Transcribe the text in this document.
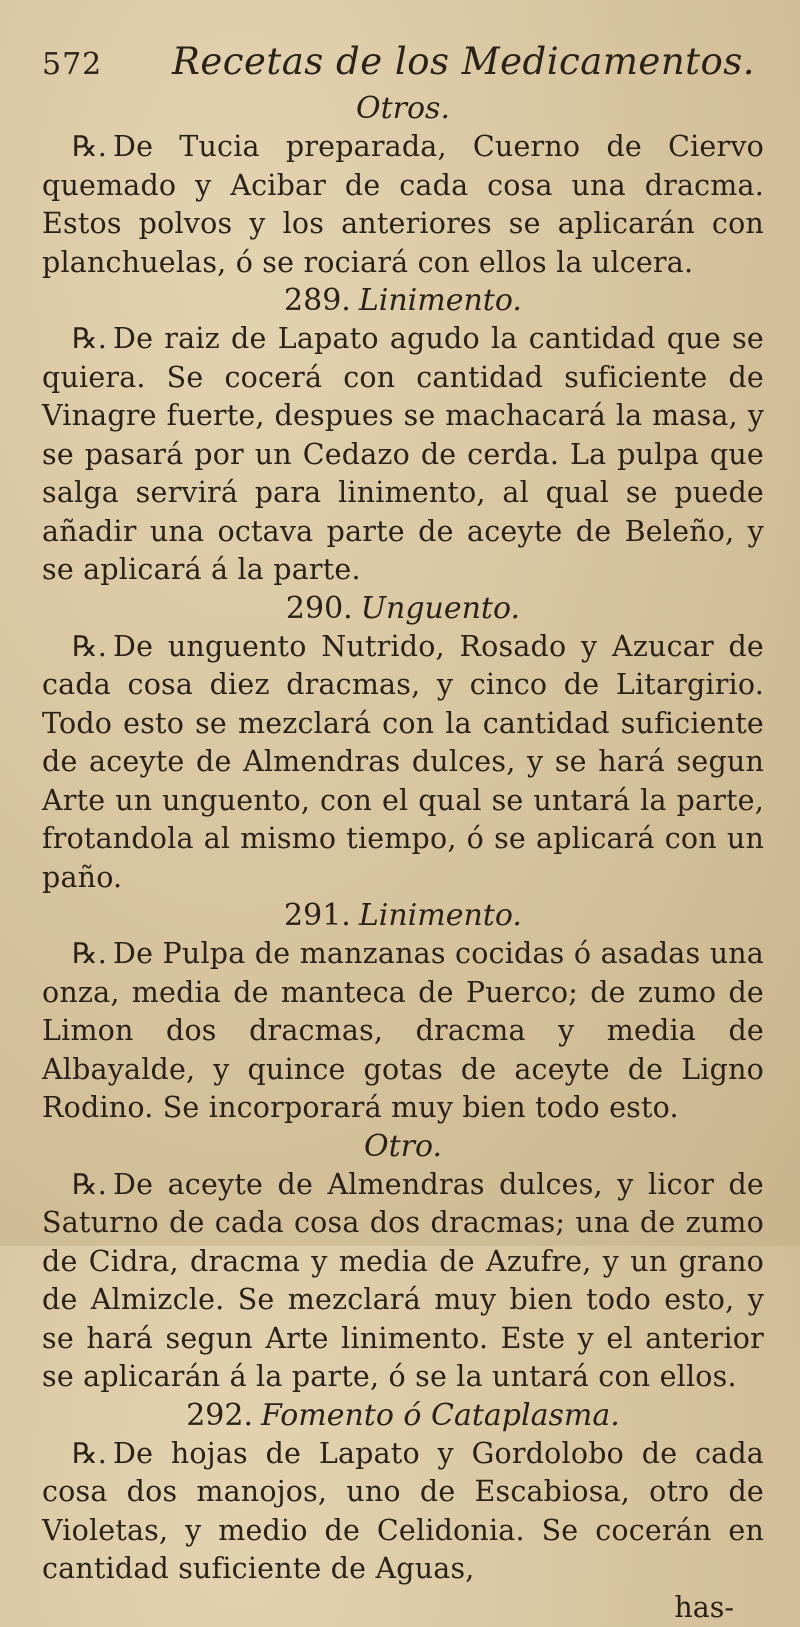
572	Recetas de los Medicamentos.

Otros.

℞. De Tucia preparada, Cuerno de Ciervo quemado y Acibar de cada cosa una dracma. Estos polvos y los anteriores se aplicarán con planchuelas, ó se rociará con ellos la ulcera.

289. Linimento.

℞. De raiz de Lapato agudo la cantidad que se quiera. Se cocerá con cantidad suficiente de Vinagre fuerte, despues se machacará la masa, y se pasará por un Cedazo de cerda. La pulpa que salga servirá para linimento, al qual se puede añadir una octava parte de aceyte de Beleño, y se aplicará á la parte.

290. Unguento.

℞. De unguento Nutrido, Rosado y Azucar de cada cosa diez dracmas, y cinco de Litargirio. Todo esto se mezclará con la cantidad suficiente de aceyte de Almendras dulces, y se hará segun Arte un unguento, con el qual se untará la parte, frotandola al mismo tiempo, ó se aplicará con un paño.

291. Linimento.

℞. De Pulpa de manzanas cocidas ó asadas una onza, media de manteca de Puerco; de zumo de Limon dos dracmas, dracma y media de Albayalde, y quince gotas de aceyte de Ligno Rodino. Se incorporará muy bien todo esto.

Otro.

℞. De aceyte de Almendras dulces, y licor de Saturno de cada cosa dos dracmas; una de zumo de Cidra, dracma y media de Azufre, y un grano de Almizcle. Se mezclará muy bien todo esto, y se hará segun Arte linimento. Este y el anterior se aplicarán á la parte, ó se la untará con ellos.

292. Fomento ó Cataplasma.

℞. De hojas de Lapato y Gordolobo de cada cosa dos manojos, uno de Escabiosa, otro de Violetas, y medio de Celidonia. Se cocerán en cantidad suficiente de Aguas,

has-
